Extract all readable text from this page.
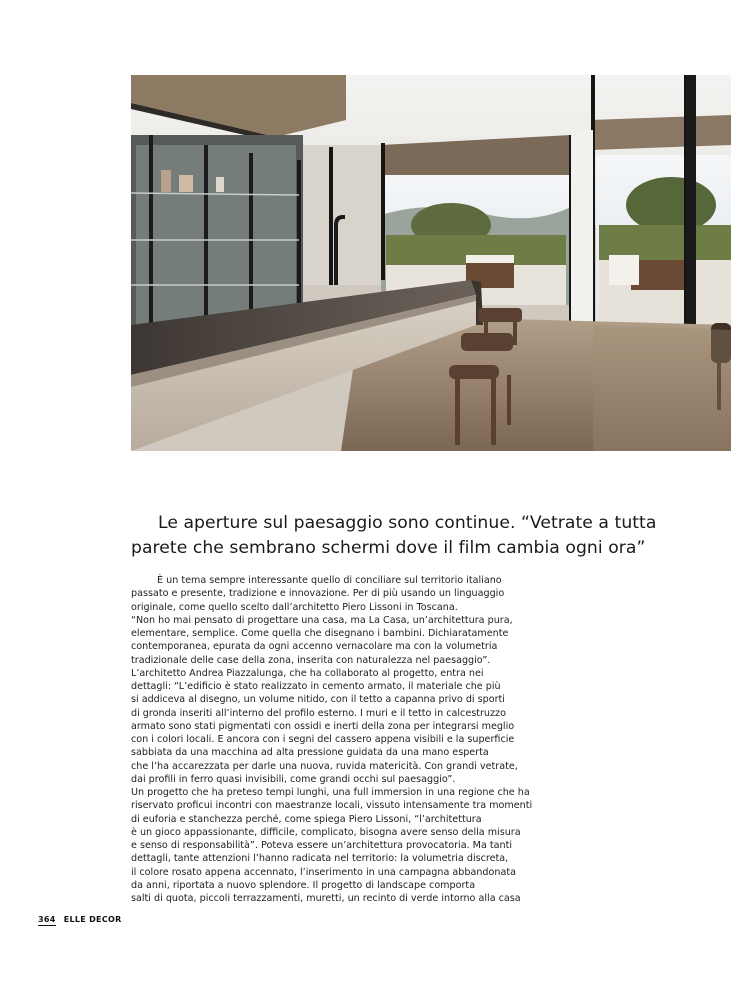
Le aperture sul paesaggio sono continue. “Vetrate a tutta
parete che sembrano schermi dove il film cambia ogni ora”
È un tema sempre interessante quello di conciliare sul territorio italiano
passato e presente, tradizione e innovazione. Per di più usando un linguaggio
originale, come quello scelto dall’architetto Piero Lissoni in Toscana.
“Non ho mai pensato di progettare una casa, ma La Casa, un’architettura pura,
elementare, semplice. Come quella che disegnano i bambini. Dichiaratamente
contemporanea, epurata da ogni accenno vernacolare ma con la volumetria
tradizionale delle case della zona, inserita con naturalezza nel paesaggio”.
L’architetto Andrea Piazzalunga, che ha collaborato al progetto, entra nei
dettagli: “L’edificio è stato realizzato in cemento armato, il materiale che più
si addiceva al disegno, un volume nitido, con il tetto a capanna privo di sporti
di gronda inseriti all’interno del profilo esterno. I muri e il tetto in calcestruzzo
armato sono stati pigmentati con ossidi e inerti della zona per integrarsi meglio
con i colori locali. E ancora con i segni del cassero appena visibili e la superficie
sabbiata da una macchina ad alta pressione guidata da una mano esperta
che l’ha accarezzata per darle una nuova, ruvida matericità. Con grandi vetrate,
dai profili in ferro quasi invisibili, come grandi occhi sul paesaggio”.
Un progetto che ha preteso tempi lunghi, una full immersion in una regione che ha
riservato proficui incontri con maestranze locali, vissuto intensamente tra momenti
di euforia e stanchezza perché, come spiega Piero Lissoni, “l’architettura
è un gioco appassionante, difficile, complicato, bisogna avere senso della misura
e senso di responsabilità”. Poteva essere un’architettura provocatoria. Ma tanti
dettagli, tante attenzioni l’hanno radicata nel territorio: la volumetria discreta,
il colore rosato appena accennato, l’inserimento in una campagna abbandonata
da anni, riportata a nuovo splendore. Il progetto di landscape comporta
salti di quota, piccoli terrazzamenti, muretti, un recinto di verde intorno alla casa
364 ELLE DECOR
